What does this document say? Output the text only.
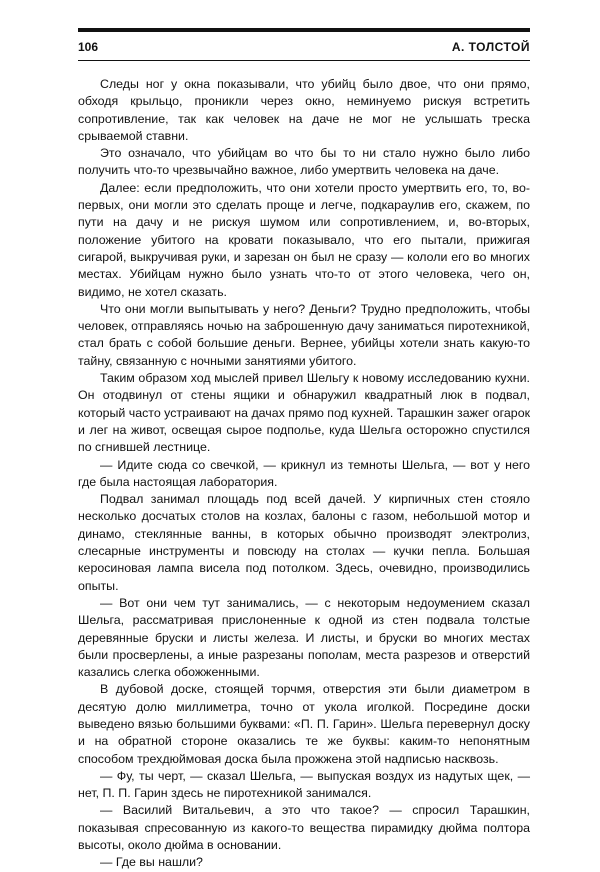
106	А. ТОЛСТОЙ

Следы ног у окна показывали, что убийц было двое, что они прямо, обходя крыльцо, проникли через окно, неминуемо рискуя встретить сопротивление, так как человек на даче не мог не услышать треска срываемой ставни.

Это означало, что убийцам во что бы то ни стало нужно было либо получить что-то чрезвычайно важное, либо умертвить человека на даче.

Далее: если предположить, что они хотели просто умертвить его, то, во-первых, они могли это сделать проще и легче, подкараулив его, скажем, по пути на дачу и не рискуя шумом или сопротивлением, и, во-вторых, положение убитого на кровати показывало, что его пытали, прижигая сигарой, выкручивая руки, и зарезан он был не сразу — кололи его во многих местах. Убийцам нужно было узнать что-то от этого человека, чего он, видимо, не хотел сказать.

Что они могли выпытывать у него? Деньги? Трудно предположить, чтобы человек, отправляясь ночью на заброшенную дачу заниматься пиротехникой, стал брать с собой большие деньги. Вернее, убийцы хотели знать какую-то тайну, связанную с ночными занятиями убитого.

Таким образом ход мыслей привел Шельгу к новому исследованию кухни. Он отодвинул от стены ящики и обнаружил квадратный люк в подвал, который часто устраивают на дачах прямо под кухней. Тарашкин зажег огарок и лег на живот, освещая сырое подполье, куда Шельга осторожно спустился по сгнившей лестнице.

— Идите сюда со свечкой, — крикнул из темноты Шельга, — вот у него где была настоящая лаборатория.

Подвал занимал площадь под всей дачей. У кирпичных стен стояло несколько досчатых столов на козлах, балоны с газом, небольшой мотор и динамо, стеклянные ванны, в которых обычно производят электролиз, слесарные инструменты и повсюду на столах — кучки пепла. Большая керосиновая лампа висела под потолком. Здесь, очевидно, производились опыты.

— Вот они чем тут занимались, — с некоторым недоумением сказал Шельга, рассматривая прислоненные к одной из стен подвала толстые деревянные бруски и листы железа. И листы, и бруски во многих местах были просверлены, а иные разрезаны пополам, места разрезов и отверстий казались слегка обожженными.

В дубовой доске, стоящей торчмя, отверстия эти были диаметром в десятую долю миллиметра, точно от укола иголкой. Посредине доски выведено вязью большими буквами: «П. П. Гарин». Шельга перевернул доску и на обратной стороне оказались те же буквы: каким-то непонятным способом трехдюймовая доска была прожжена этой надписью насквозь.

— Фу, ты черт, — сказал Шельга, — выпуская воздух из надутых щек, — нет, П. П. Гарин здесь не пиротехникой занимался.

— Василий Витальевич, а это что такое? — спросил Тарашкин, показывая спресованную из какого-то вещества пирамидку дюйма полтора высоты, около дюйма в основании.

— Где вы нашли?
